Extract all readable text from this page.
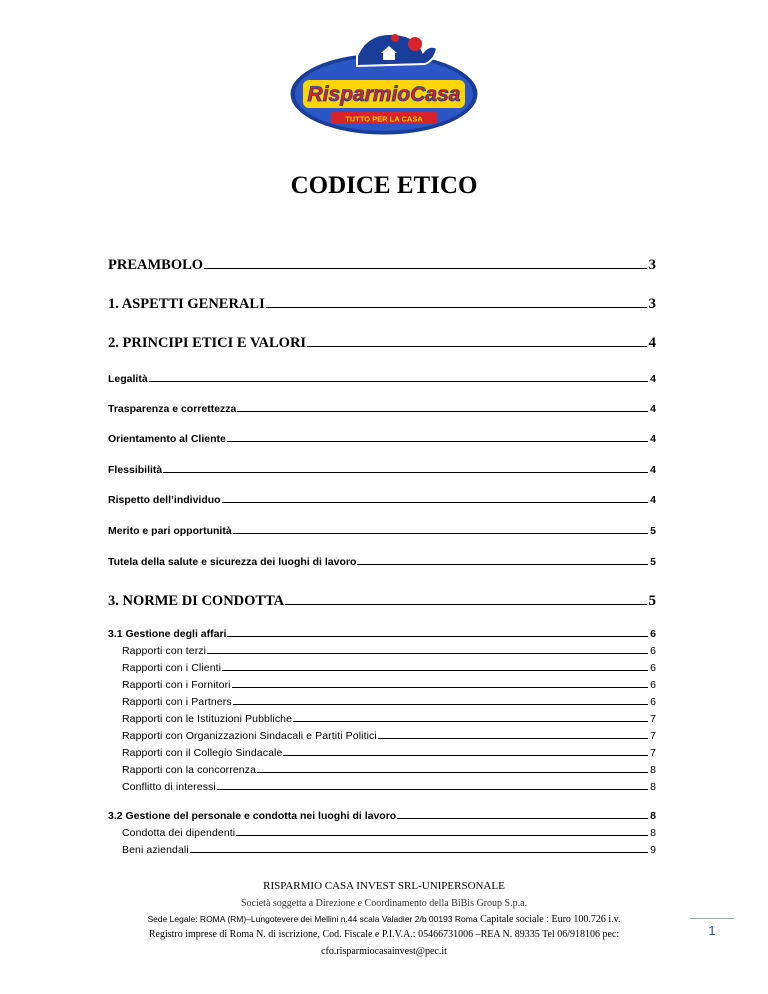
RisparmioCasa
TUTTO PER LA CASA
CODICE ETICO
PREAMBOLO	3
1. ASPETTI GENERALI	3
2. PRINCIPI ETICI E VALORI	4
Legalità	4
Trasparenza e correttezza	4
Orientamento al Cliente	4
Flessibilità	4
Rispetto dell’individuo	4
Merito e pari opportunità	5
Tutela della salute e sicurezza dei luoghi di lavoro	5
3. NORME DI CONDOTTA	5
3.1 Gestione degli affari	6
Rapporti con terzi	6
Rapporti con i Clienti	6
Rapporti con i Fornitori	6
Rapporti con i Partners	6
Rapporti con le Istituzioni Pubbliche	7
Rapporti con Organizzazioni Sindacali e Partiti Politici	7
Rapporti con il Collegio Sindacale	7
Rapporti con la concorrenza	8
Conflitto di interessi	8
3.2 Gestione del personale e condotta nei luoghi di lavoro	8
Condotta dei dipendenti	8
Beni aziendali	9
RISPARMIO CASA INVEST SRL-UNIPERSONALE
Società soggetta a Direzione e Coordinamento della BiBis Group S.p.a.
Sede Legale: ROMA (RM)–Lungotevere dei Mellini n.44 scala Valadier 2/b 00193 Roma Capitale sociale : Euro 100.726 i.v.
Registro imprese di Roma N. di iscrizione, Cod. Fiscale e P.I.V.A.: 05466731006 –REA N. 89335 Tel 06/918106 pec:
cfo.risparmiocasainvest@pec.it
1
